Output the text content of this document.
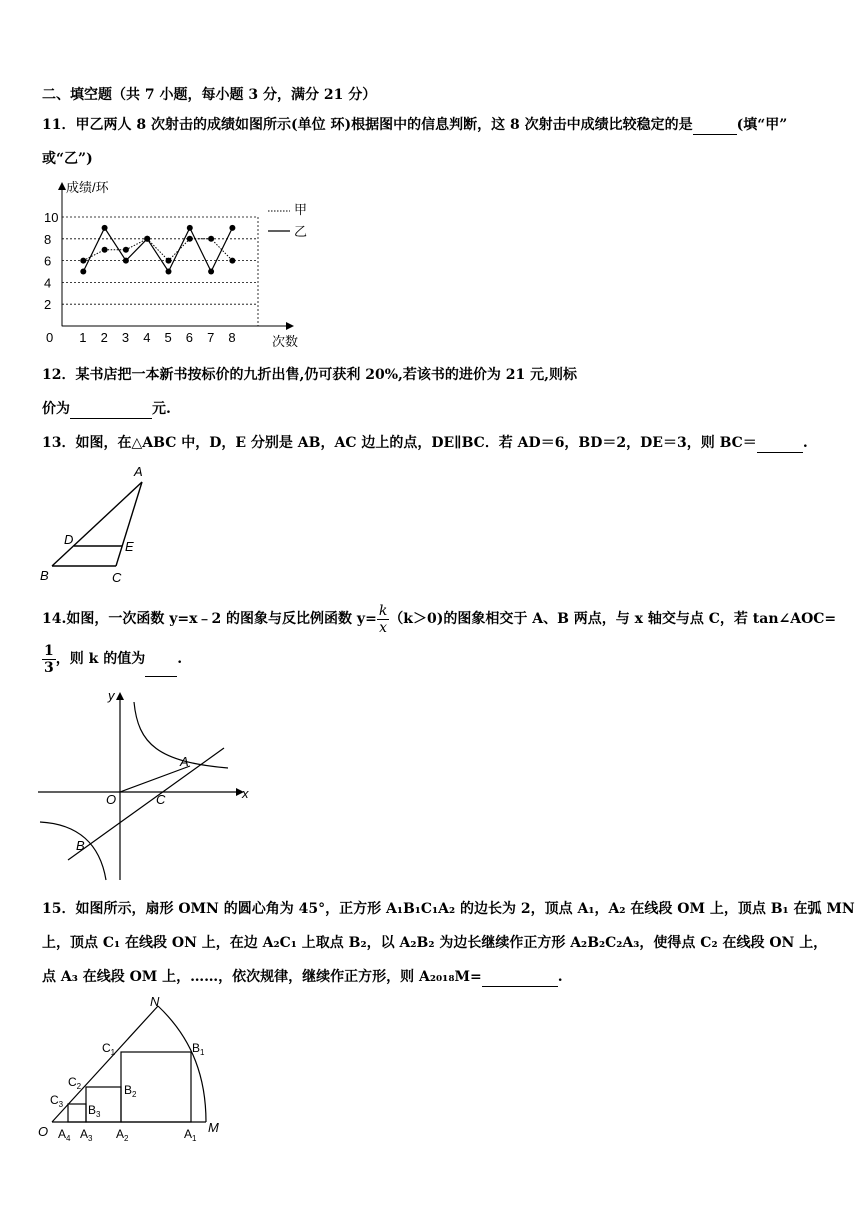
二、填空题（共 7 小题，每小题 3 分，满分 21 分）
11．甲乙两人 8 次射击的成绩如图所示(单位 环)根据图中的信息判断，这 8 次射击中成绩比较稳定的是	(填“甲”
或“乙”)
成绩/环
次数
0
10
8
6
4
2
1 2 3 4 5 6 7 8
甲
乙
12．某书店把一本新书按标价的九折出售,仍可获利 20%,若该书的进价为 21 元,则标
价为	元.
13．如图，在△ABC 中，D，E 分别是 AB，AC 边上的点，DE∥BC．若 AD＝6，BD＝2，DE＝3，则 BC＝	.
A
D	E
B	C
14.如图，一次函数 y=x﹣2 的图象与反比例函数 $y= \frac{k}{x} (k>0)$的图象相交于 A、B 两点，与 x 轴交与点 C，若 tan∠AOC=
$\frac{1}{3}$ ，则 k 的值为 .
y
x
O	C
A
B
15．如图所示，扇形 OMN 的圆心角为 45°，正方形 A₁B₁C₁A₂ 的边长为 2，顶点 A₁，A₂ 在线段 OM 上，顶点 B₁ 在弧 MN
上，顶点 C₁ 在线段 ON 上，在边 A₂C₁ 上取点 B₂，以 A₂B₂ 为边长继续作正方形 A₂B₂C₂A₃，使得点 C₂ 在线段 ON 上，
点 A₃ 在线段 OM 上，……，依次规律，继续作正方形，则 A₂₀₁₈M=	.
N
M
O
$C_1$	$B_1$
$C_2$	$B_2$
$C_3$ $B_3$
$A_4$ $A_3$ $A_2$	$A_1$
